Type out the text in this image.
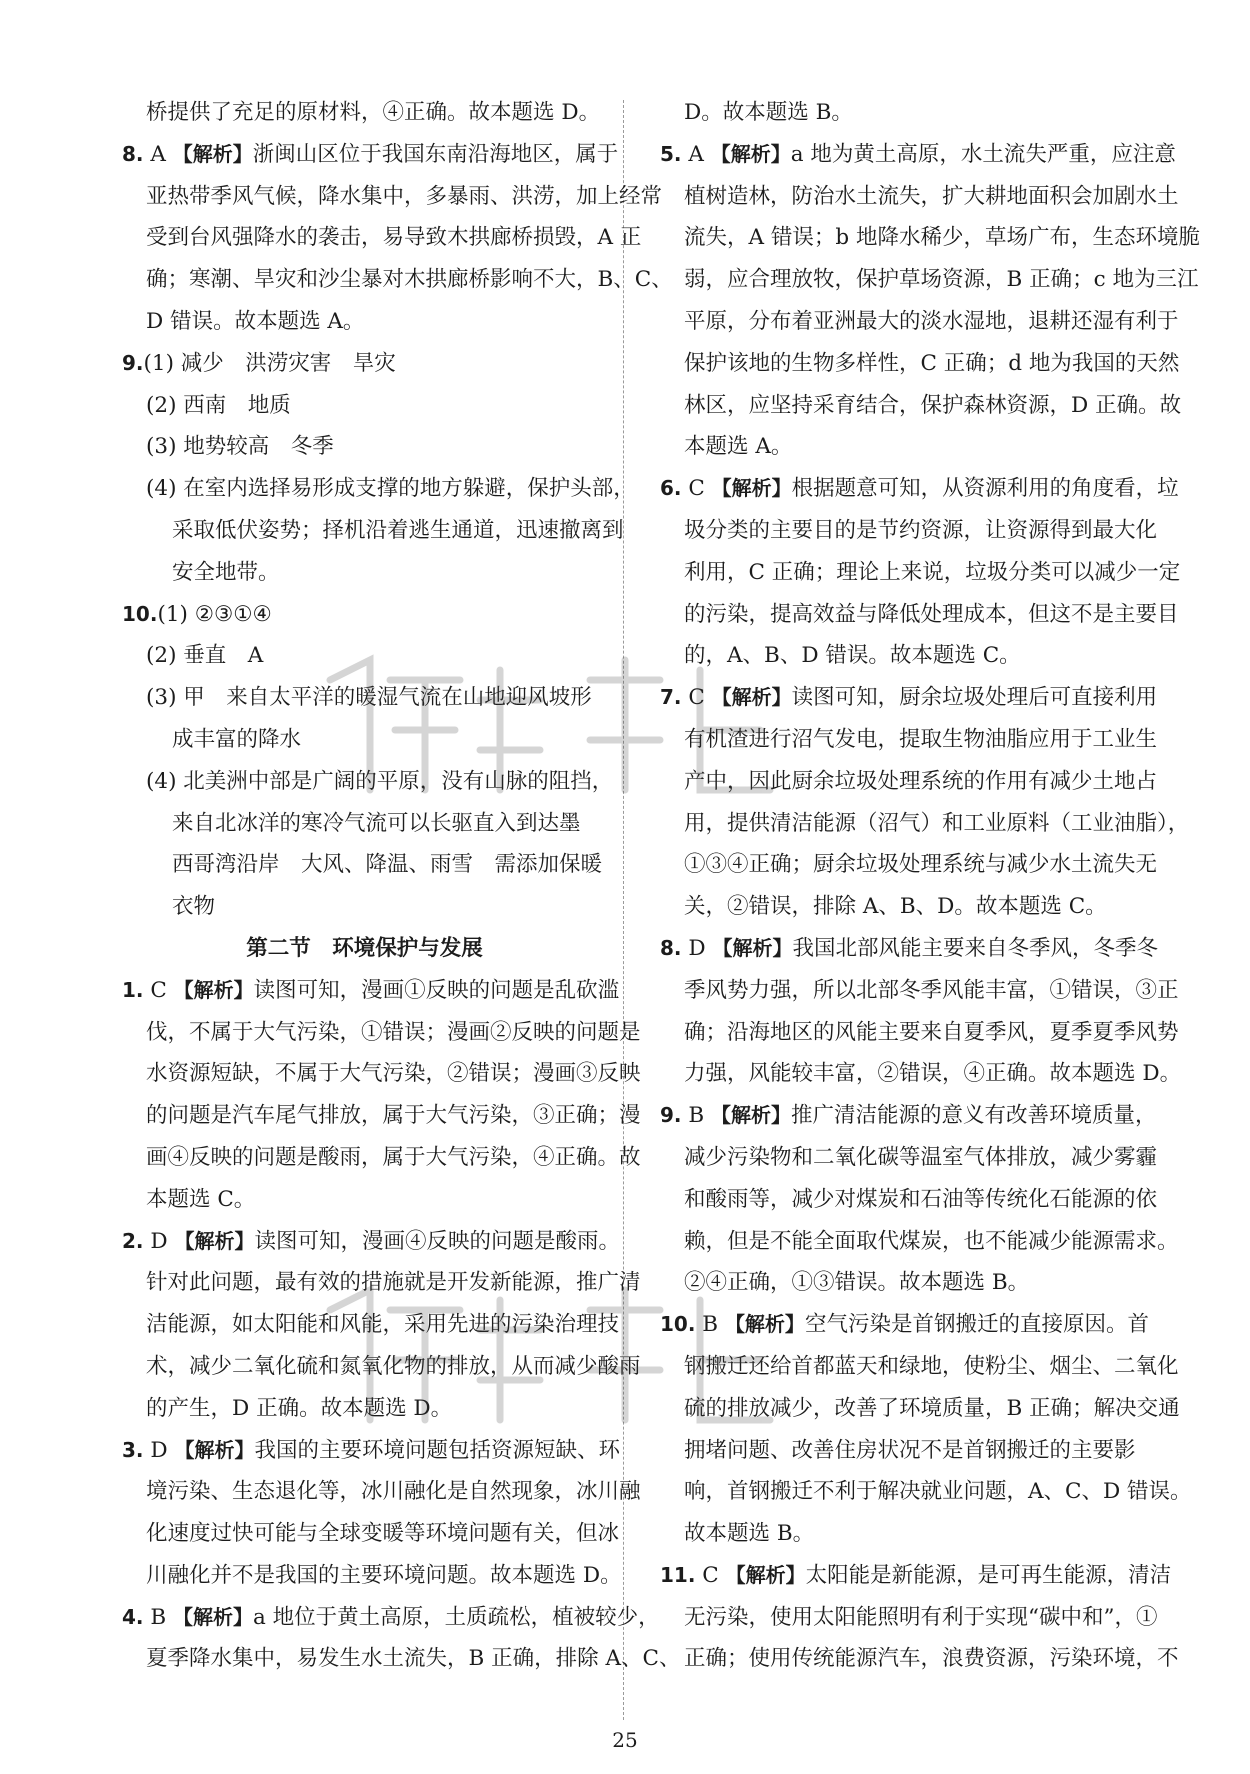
桥提供了充足的原材料，④正确。故本题选 D。
8. A 【解析】浙闽山区位于我国东南沿海地区，属于
亚热带季风气候，降水集中，多暴雨、洪涝，加上经常
受到台风强降水的袭击，易导致木拱廊桥损毁，A 正
确；寒潮、旱灾和沙尘暴对木拱廊桥影响不大，B、C、
D 错误。故本题选 A。
9.(1) 减少　洪涝灾害　旱灾
(2) 西南　地质
(3) 地势较高　冬季
(4) 在室内选择易形成支撑的地方躲避，保护头部，
采取低伏姿势；择机沿着逃生通道，迅速撤离到
安全地带。
10.(1) ②③①④
(2) 垂直　A
(3) 甲　来自太平洋的暖湿气流在山地迎风坡形
成丰富的降水
(4) 北美洲中部是广阔的平原，没有山脉的阻挡，
来自北冰洋的寒冷气流可以长驱直入到达墨
西哥湾沿岸　大风、降温、雨雪　需添加保暖
衣物
第二节　环境保护与发展
1. C 【解析】读图可知，漫画①反映的问题是乱砍滥
伐，不属于大气污染，①错误；漫画②反映的问题是
水资源短缺，不属于大气污染，②错误；漫画③反映
的问题是汽车尾气排放，属于大气污染，③正确；漫
画④反映的问题是酸雨，属于大气污染，④正确。故
本题选 C。
2. D 【解析】读图可知，漫画④反映的问题是酸雨。
针对此问题，最有效的措施就是开发新能源，推广清
洁能源，如太阳能和风能，采用先进的污染治理技
术，减少二氧化硫和氮氧化物的排放，从而减少酸雨
的产生，D 正确。故本题选 D。
3. D 【解析】我国的主要环境问题包括资源短缺、环
境污染、生态退化等，冰川融化是自然现象，冰川融
化速度过快可能与全球变暖等环境问题有关，但冰
川融化并不是我国的主要环境问题。故本题选 D。
4. B 【解析】a 地位于黄土高原，土质疏松，植被较少，
夏季降水集中，易发生水土流失，B 正确，排除 A、C、
D。故本题选 B。
5. A 【解析】a 地为黄土高原，水土流失严重，应注意
植树造林，防治水土流失，扩大耕地面积会加剧水土
流失，A 错误；b 地降水稀少，草场广布，生态环境脆
弱，应合理放牧，保护草场资源，B 正确；c 地为三江
平原，分布着亚洲最大的淡水湿地，退耕还湿有利于
保护该地的生物多样性，C 正确；d 地为我国的天然
林区，应坚持采育结合，保护森林资源，D 正确。故
本题选 A。
6. C 【解析】根据题意可知，从资源利用的角度看，垃
圾分类的主要目的是节约资源，让资源得到最大化
利用，C 正确；理论上来说，垃圾分类可以减少一定
的污染，提高效益与降低处理成本，但这不是主要目
的，A、B、D 错误。故本题选 C。
7. C 【解析】读图可知，厨余垃圾处理后可直接利用
有机渣进行沼气发电，提取生物油脂应用于工业生
产中，因此厨余垃圾处理系统的作用有减少土地占
用，提供清洁能源（沼气）和工业原料（工业油脂），
①③④正确；厨余垃圾处理系统与减少水土流失无
关，②错误，排除 A、B、D。故本题选 C。
8. D 【解析】我国北部风能主要来自冬季风，冬季冬
季风势力强，所以北部冬季风能丰富，①错误，③正
确；沿海地区的风能主要来自夏季风，夏季夏季风势
力强，风能较丰富，②错误，④正确。故本题选 D。
9. B 【解析】推广清洁能源的意义有改善环境质量，
减少污染物和二氧化碳等温室气体排放，减少雾霾
和酸雨等，减少对煤炭和石油等传统化石能源的依
赖，但是不能全面取代煤炭，也不能减少能源需求。
②④正确，①③错误。故本题选 B。
10. B 【解析】空气污染是首钢搬迁的直接原因。首
钢搬迁还给首都蓝天和绿地，使粉尘、烟尘、二氧化
硫的排放减少，改善了环境质量，B 正确；解决交通
拥堵问题、改善住房状况不是首钢搬迁的主要影
响，首钢搬迁不利于解决就业问题，A、C、D 错误。
故本题选 B。
11. C 【解析】太阳能是新能源，是可再生能源，清洁
无污染，使用太阳能照明有利于实现“碳中和”，①
正确；使用传统能源汽车，浪费资源，污染环境，不
25
